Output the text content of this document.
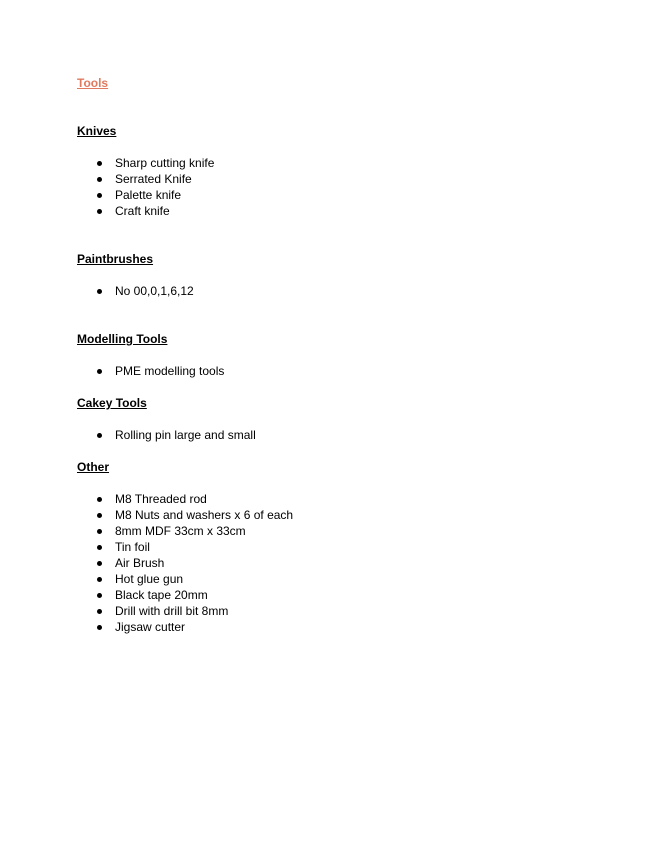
Tools
Knives
Sharp cutting knife
Serrated Knife
Palette knife
Craft knife
Paintbrushes
No 00,0,1,6,12
Modelling Tools
PME modelling tools
Cakey Tools
Rolling pin large and small
Other
M8 Threaded rod
M8 Nuts and washers x 6 of each
8mm MDF 33cm x 33cm
Tin foil
Air Brush
Hot glue gun
Black tape 20mm
Drill with drill bit 8mm
Jigsaw cutter
